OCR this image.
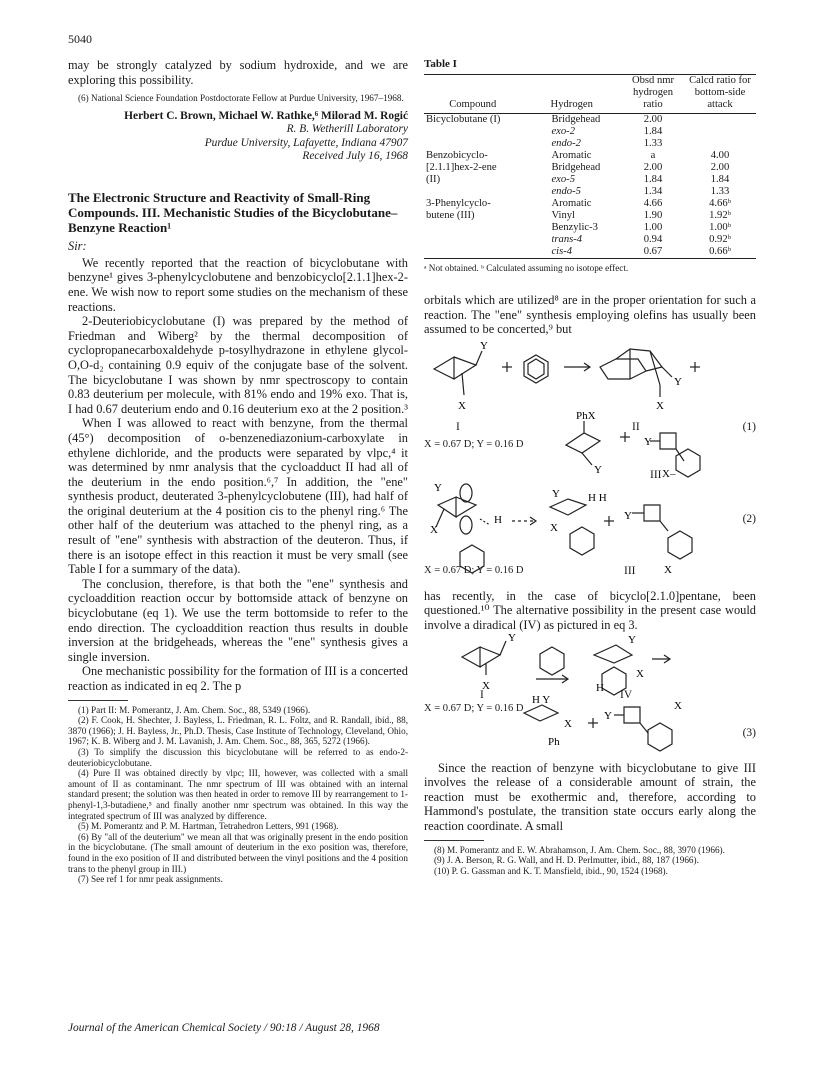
5040

may be strongly catalyzed by sodium hydroxide, and we are exploring this possibility.

(6) National Science Foundation Postdoctorate Fellow at Purdue University, 1967–1968.

Herbert C. Brown, Michael W. Rathke,⁶ Milorad M. Rogić
R. B. Wetherill Laboratory
Purdue University, Lafayette, Indiana 47907
Received July 16, 1968
The Electronic Structure and Reactivity of Small-Ring Compounds. III. Mechanistic Studies of the Bicyclobutane–Benzyne Reaction¹
Sir:

We recently reported that the reaction of bicyclobutane with benzyne¹ gives 3-phenylcyclobutene and benzobicyclo[2.1.1]hex-2-ene. We wish now to report some studies on the mechanism of these reactions.

2-Deuteriobicyclobutane (I) was prepared by the method of Friedman and Wiberg² by the thermal decomposition of cyclopropanecarboxaldehyde p-tosylhydrazone in ethylene glycol-O,O-d₂ containing 0.9 equiv of the conjugate base of the solvent. The bicyclobutane I was shown by nmr spectroscopy to contain 0.83 deuterium per molecule, with 81% endo and 19% exo. That is, I had 0.67 deuterium endo and 0.16 deuterium exo at the 2 position.³

When I was allowed to react with benzyne, from the thermal (45°) decomposition of o-benzenediazonium-carboxylate in ethylene dichloride, and the products were separated by vlpc,⁴ it was determined by nmr analysis that the cycloadduct II had all of the deuterium in the endo position.⁶,⁷ In addition, the "ene" synthesis product, deuterated 3-phenylcyclobutene (III), had half of the original deuterium at the 4 position cis to the phenyl ring.⁶ The other half of the deuterium was attached to the phenyl ring, as a result of "ene" synthesis with abstraction of the deuteron. Thus, if there is an isotope effect in this reaction it must be very small (see Table I for a summary of the data).

The conclusion, therefore, is that both the "ene" synthesis and cycloaddition reaction occur by bottomside attack of benzyne on bicyclobutane (eq 1). We use the term bottomside to refer to the endo direction. The cycloaddition reaction thus results in double inversion at the bridgeheads, whereas the "ene" synthesis gives a single inversion.

One mechanistic possibility for the formation of III is a concerted reaction as indicated in eq 2. The p

(1) Part II: M. Pomerantz, J. Am. Chem. Soc., 88, 5349 (1966).

(2) F. Cook, H. Shechter, J. Bayless, L. Friedman, R. L. Foltz, and R. Randall, ibid., 88, 3870 (1966); J. H. Bayless, Jr., Ph.D. Thesis, Case Institute of Technology, Cleveland, Ohio, 1967; K. B. Wiberg and J. M. Lavanish, J. Am. Chem. Soc., 88, 365, 5272 (1966).

(3) To simplify the discussion this bicyclobutane will be referred to as endo-2-deuteriobicyclobutane.

(4) Pure II was obtained directly by vlpc; III, however, was collected with a small amount of II as contaminant. The nmr spectrum of III was obtained with an internal standard present; the solution was then heated in order to remove III by rearrangement to 1-phenyl-1,3-butadiene,⁵ and finally another nmr spectrum was obtained. In this way the integrated spectrum of III was analyzed by difference.

(5) M. Pomerantz and P. M. Hartman, Tetrahedron Letters, 991 (1968).

(6) By "all of the deuterium" we mean all that was originally present in the endo position in the bicyclobutane. (The small amount of deuterium in the exo position was, therefore, found in the exo position of II and distributed between the vinyl positions and the 4 position trans to the phenyl group in III.)

(7) See ref 1 for nmr peak assignments.

Table I
Compound	Hydrogen	Obsd nmr hydrogen ratio	Calcd ratio for bottom-side attack
Bicyclobutane (I)	Bridgehead	2.00	
	exo-2	1.84	
	endo-2	1.33	
Benzobicyclo-	Aromatic	a	4.00
[2.1.1]hex-2-ene	Bridgehead	2.00	2.00
(II)	exo-5	1.84	1.84
	endo-5	1.34	1.33
3-Phenylcyclo-	Aromatic	4.66	4.66ᵇ
butene (III)	Vinyl	1.90	1.92ᵇ
	Benzylic-3	1.00	1.00ᵇ
	trans-4	0.94	0.92ᵇ
	cis-4	0.67	0.66ᵇ
ᵃ Not obtained. ᵇ Calculated assuming no isotope effect.

orbitals which are utilized⁸ are in the proper orientation for such a reaction. The "ene" synthesis employing olefins has usually been assumed to be concerted,⁹ but

X
Y
Y
X
PhX
Y
Y
X–
I	II	(1)
X = 0.67 D; Y = 0.16 D
III
X
Y
H
Y	H H
X
Y
X
(2)
X = 0.67 D; Y = 0.16 D	III

has recently, in the case of bicyclo[2.1.0]pentane, been questioned.¹⁰ The alternative possibility in the present case would involve a diradical (IV) as pictured in eq 3.

Y
X
Y
X
H
H Y
X
Ph
Y
X
I	IV
X = 0.67 D; Y = 0.16 D
(3)

Since the reaction of benzyne with bicyclobutane to give III involves the release of a considerable amount of strain, the reaction must be exothermic and, therefore, according to Hammond's postulate, the transition state occurs early along the reaction coordinate. A small

(8) M. Pomerantz and E. W. Abrahamson, J. Am. Chem. Soc., 88, 3970 (1966).

(9) J. A. Berson, R. G. Wall, and H. D. Perlmutter, ibid., 88, 187 (1966).

(10) P. G. Gassman and K. T. Mansfield, ibid., 90, 1524 (1968).

Journal of the American Chemical Society / 90:18 / August 28, 1968
